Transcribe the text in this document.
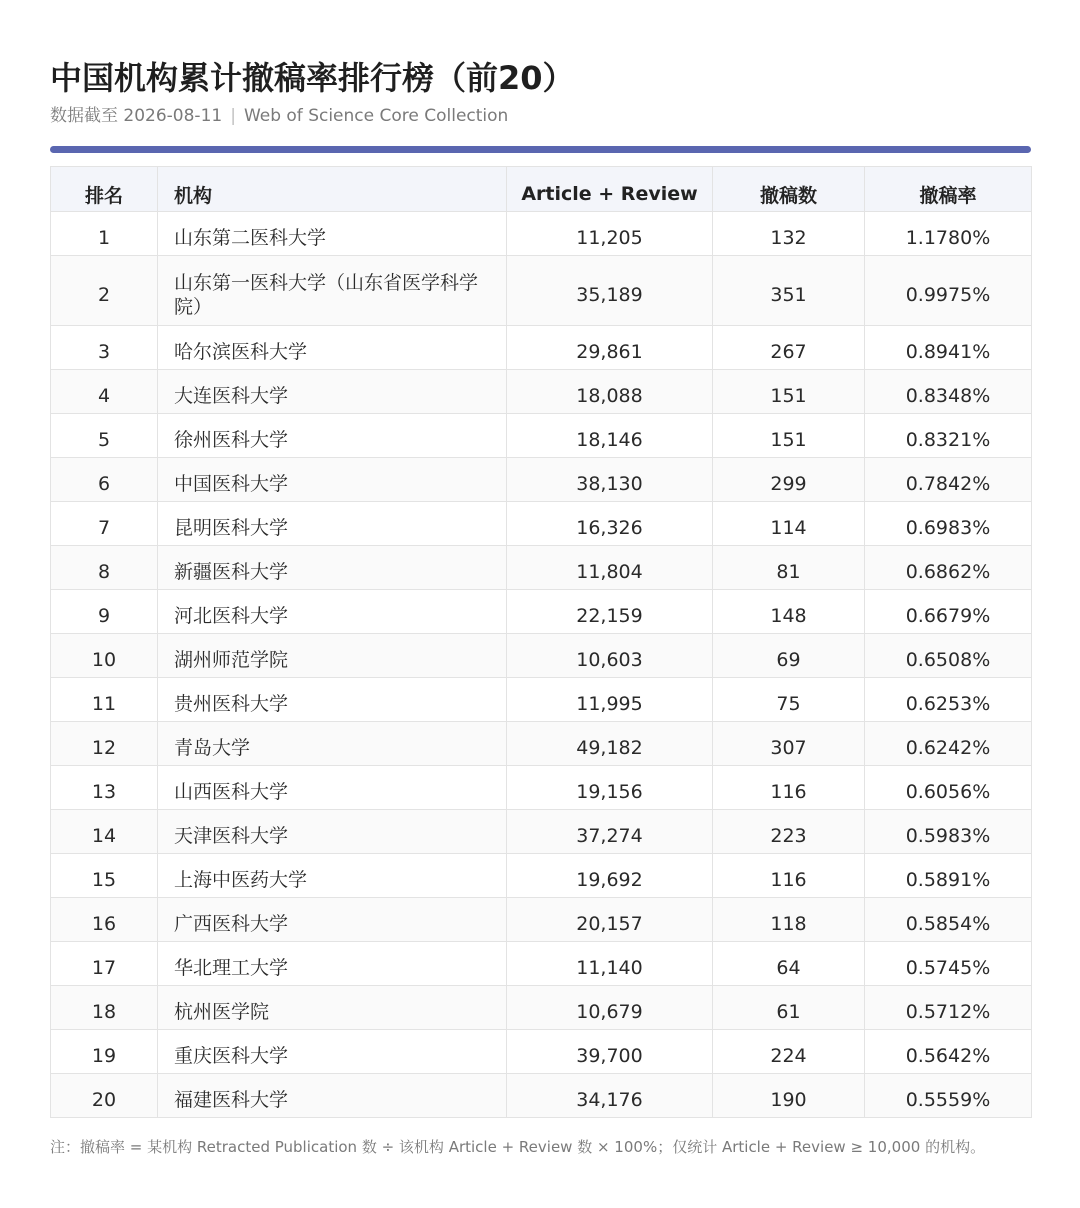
中国机构累计撤稿率排行榜（前20）
数据截至 2026-08-11 | Web of Science Core Collection
排名	机构	Article + Review	撤稿数	撤稿率
1	山东第二医科大学	11,205	132	1.1780%
2	山东第一医科大学（山东省医学科学院）	35,189	351	0.9975%
3	哈尔滨医科大学	29,861	267	0.8941%
4	大连医科大学	18,088	151	0.8348%
5	徐州医科大学	18,146	151	0.8321%
6	中国医科大学	38,130	299	0.7842%
7	昆明医科大学	16,326	114	0.6983%
8	新疆医科大学	11,804	81	0.6862%
9	河北医科大学	22,159	148	0.6679%
10	湖州师范学院	10,603	69	0.6508%
11	贵州医科大学	11,995	75	0.6253%
12	青岛大学	49,182	307	0.6242%
13	山西医科大学	19,156	116	0.6056%
14	天津医科大学	37,274	223	0.5983%
15	上海中医药大学	19,692	116	0.5891%
16	广西医科大学	20,157	118	0.5854%
17	华北理工大学	11,140	64	0.5745%
18	杭州医学院	10,679	61	0.5712%
19	重庆医科大学	39,700	224	0.5642%
20	福建医科大学	34,176	190	0.5559%
注：撤稿率 = 某机构 Retracted Publication 数 ÷ 该机构 Article + Review 数 × 100%；仅统计 Article + Review ≥ 10,000 的机构。
